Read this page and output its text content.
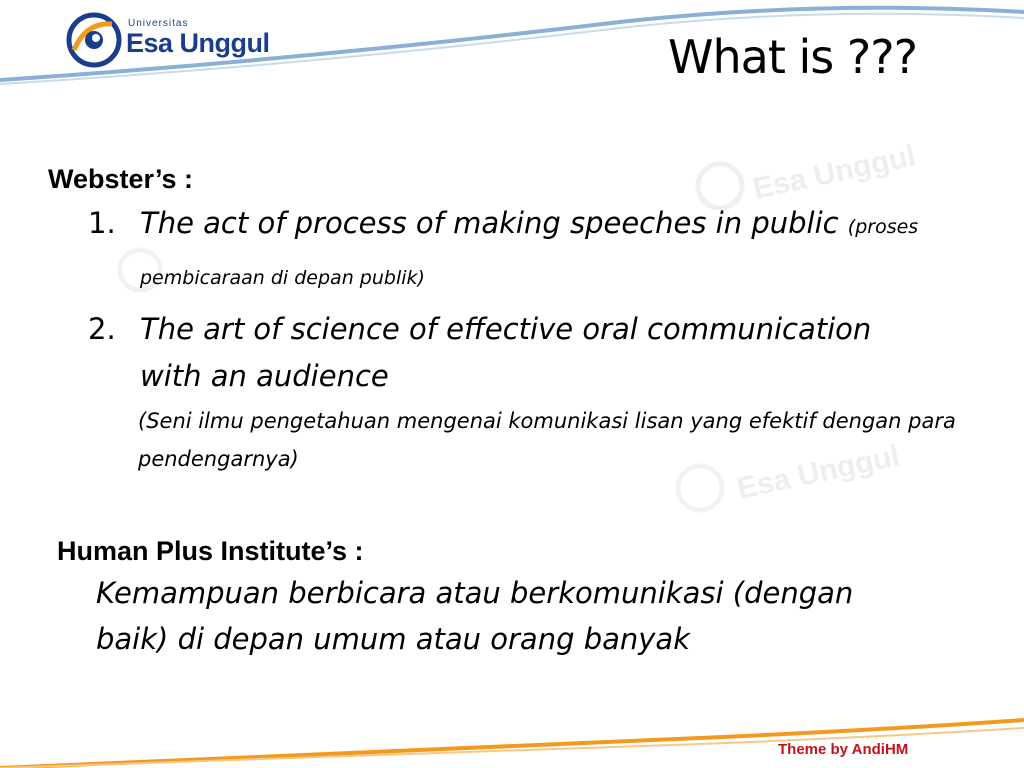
Esa Unggul
Esa Unggul
Universitas
Esa Unggul	What is ???
Webster’s :
1. The act of process of making speeches in public (proses pembicaraan di depan publik)
2. The art of science of effective oral communication with an audience
(Seni ilmu pengetahuan mengenai komunikasi lisan yang efektif dengan para pendengarnya)
Human Plus Institute’s :
Kemampuan berbicara atau berkomunikasi (dengan baik) di depan umum atau orang banyak
Theme by AndiHM
